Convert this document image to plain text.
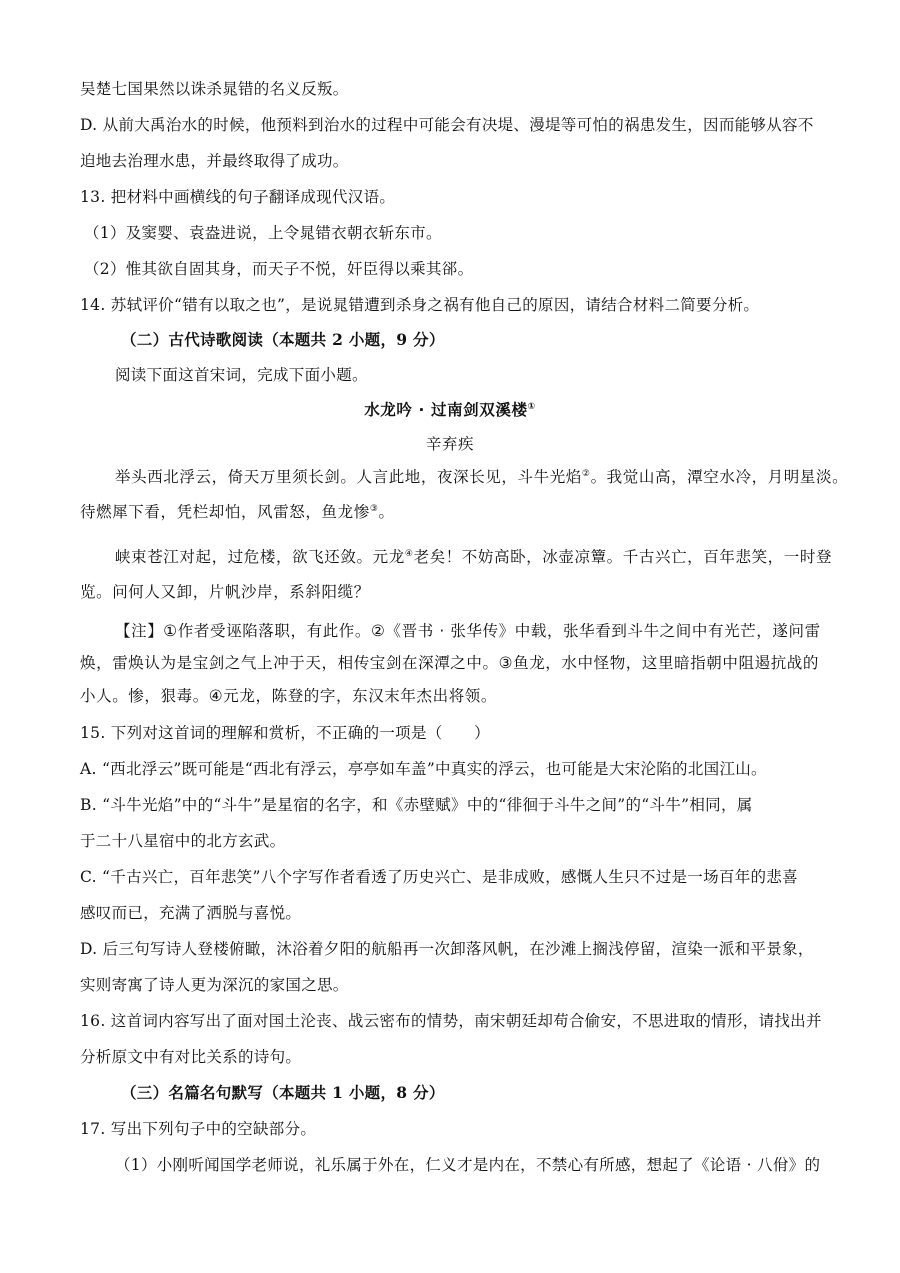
吴楚七国果然以诛杀晁错的名义反叛。
D. 从前大禹治水的时候，他预料到治水的过程中可能会有决堤、漫堤等可怕的祸患发生，因而能够从容不
迫地去治理水患，并最终取得了成功。
13. 把材料中画横线的句子翻译成现代汉语。
（1）及窦婴、袁盎进说，上令晁错衣朝衣斩东市。
（2）惟其欲自固其身，而天子不悦，奸臣得以乘其郤。
14. 苏轼评价“错有以取之也”，是说晁错遭到杀身之祸有他自己的原因，请结合材料二简要分析。
（二）古代诗歌阅读（本题共 2 小题，9 分）
阅读下面这首宋词，完成下面小题。
水龙吟 · 过南剑双溪楼①
辛弃疾
举头西北浮云，倚天万里须长剑。人言此地，夜深长见，斗牛光焰②。我觉山高，潭空水冷，月明星淡。
待燃犀下看，凭栏却怕，风雷怒，鱼龙惨③。
峡束苍江对起，过危楼，欲飞还敛。元龙④老矣！不妨高卧，冰壶凉簟。千古兴亡，百年悲笑，一时登
览。问何人又卸，片帆沙岸，系斜阳缆？
【注】①作者受诬陷落职，有此作。②《晋书 · 张华传》中载，张华看到斗牛之间中有光芒，遂问雷
焕，雷焕认为是宝剑之气上冲于天，相传宝剑在深潭之中。③鱼龙，水中怪物，这里暗指朝中阻遏抗战的
小人。惨，狠毒。④元龙，陈登的字，东汉末年杰出将领。
15. 下列对这首词的理解和赏析，不正确的一项是（　　）
A. “西北浮云”既可能是“西北有浮云，亭亭如车盖”中真实的浮云，也可能是大宋沦陷的北国江山。
B. “斗牛光焰”中的“斗牛”是星宿的名字，和《赤壁赋》中的“徘徊于斗牛之间”的“斗牛”相同，属
于二十八星宿中的北方玄武。
C. “千古兴亡，百年悲笑”八个字写作者看透了历史兴亡、是非成败，感慨人生只不过是一场百年的悲喜
感叹而已，充满了洒脱与喜悦。
D. 后三句写诗人登楼俯瞰，沐浴着夕阳的航船再一次卸落风帆，在沙滩上搁浅停留，渲染一派和平景象，
实则寄寓了诗人更为深沉的家国之思。
16. 这首词内容写出了面对国土沦丧、战云密布的情势，南宋朝廷却苟合偷安，不思进取的情形，请找出并
分析原文中有对比关系的诗句。
（三）名篇名句默写（本题共 1 小题，8 分）
17. 写出下列句子中的空缺部分。
（1）小刚听闻国学老师说，礼乐属于外在，仁义才是内在，不禁心有所感，想起了《论语 · 八佾》的
